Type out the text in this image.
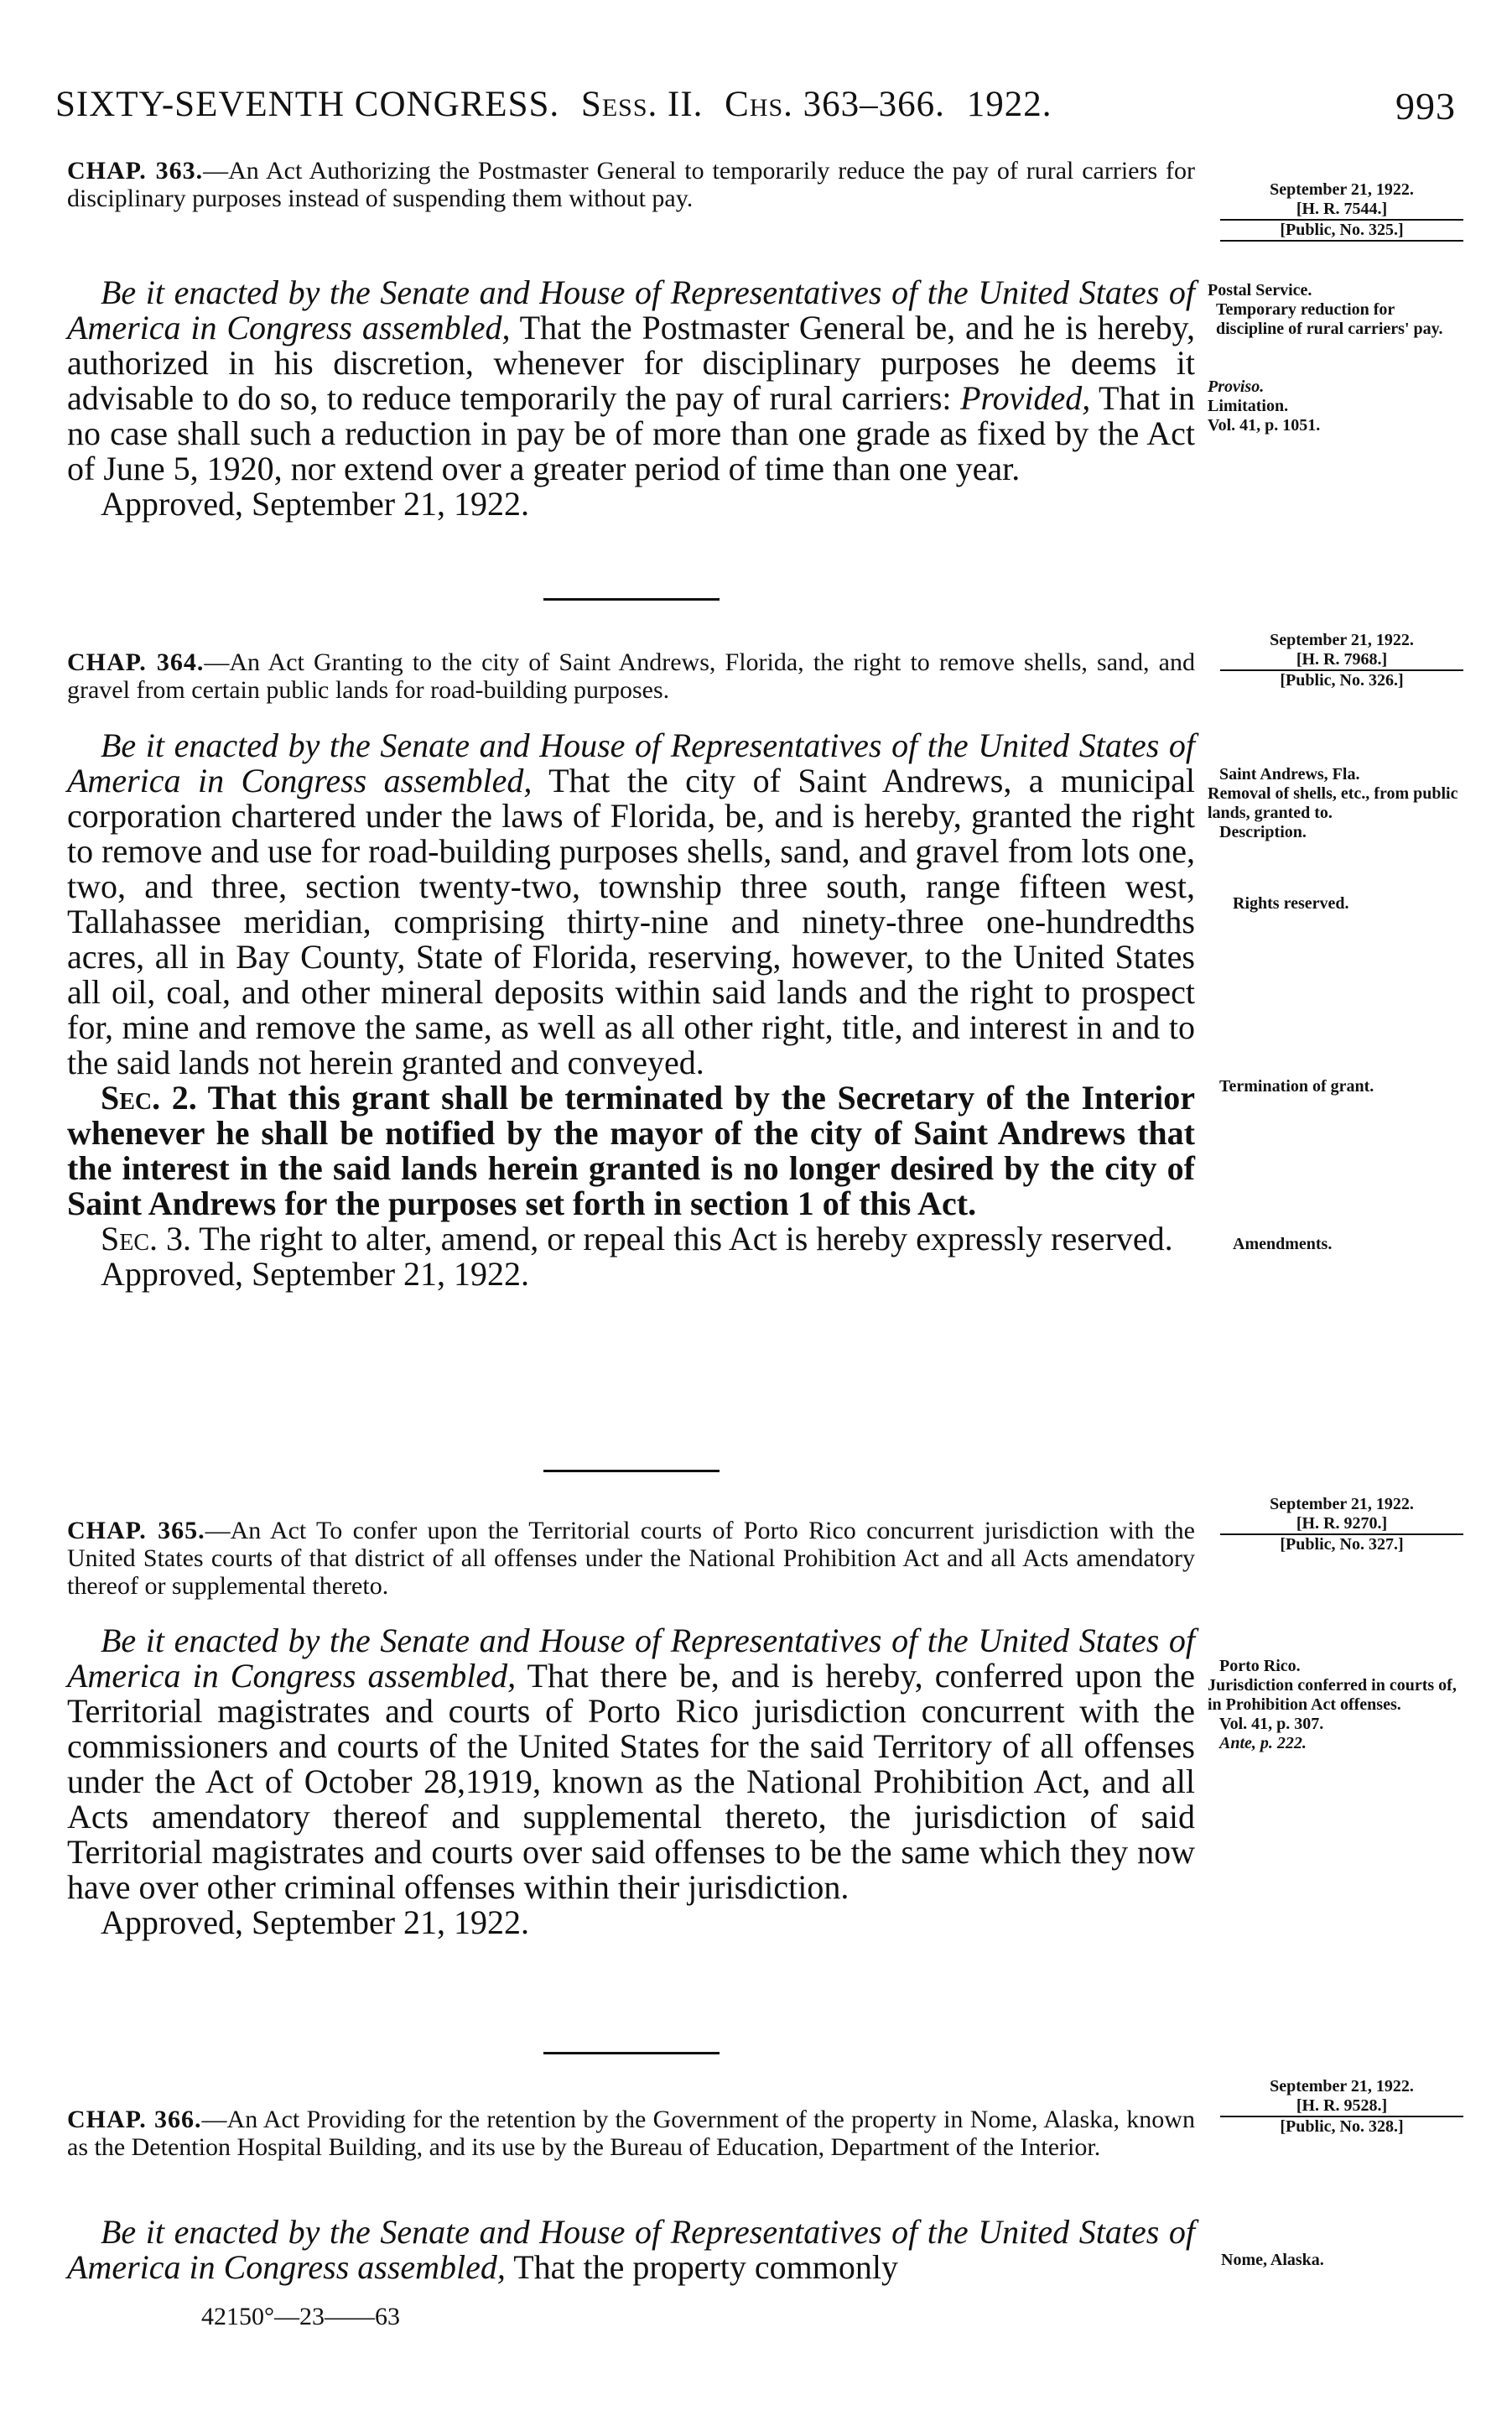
SIXTY-SEVENTH CONGRESS. Sess. II. Chs. 363–366. 1922.	993
September 21, 1922.
[H. R. 7544.]
[Public, No. 325.]
CHAP. 363.—An Act Authorizing the Postmaster General to temporarily reduce the pay of rural carriers for disciplinary purposes instead of suspending them without pay.

Be it enacted by the Senate and House of Representatives of the United States of America in Congress assembled, That the Postmaster General be, and he is hereby, authorized in his discretion, whenever for disciplinary purposes he deems it advisable to do so, to reduce temporarily the pay of rural carriers: Provided, That in no case shall such a reduction in pay be of more than one grade as fixed by the Act of June 5, 1920, nor extend over a greater period of time than one year.

Approved, September 21, 1922.
Postal Service.
Temporary reduction for discipline of rural carriers' pay.
Proviso.
Limitation.
Vol. 41, p. 1051.
September 21, 1922.
[H. R. 7968.]
[Public, No. 326.]
CHAP. 364.—An Act Granting to the city of Saint Andrews, Florida, the right to remove shells, sand, and gravel from certain public lands for road-building purposes.

Be it enacted by the Senate and House of Representatives of the United States of America in Congress assembled, That the city of Saint Andrews, a municipal corporation chartered under the laws of Florida, be, and is hereby, granted the right to remove and use for road-building purposes shells, sand, and gravel from lots one, two, and three, section twenty-two, township three south, range fifteen west, Tallahassee meridian, comprising thirty-nine and ninety-three one-hundredths acres, all in Bay County, State of Florida, reserving, however, to the United States all oil, coal, and other mineral deposits within said lands and the right to prospect for, mine and remove the same, as well as all other right, title, and interest in and to the said lands not herein granted and conveyed.

Sec. 2. That this grant shall be terminated by the Secretary of the Interior whenever he shall be notified by the mayor of the city of Saint Andrews that the interest in the said lands herein granted is no longer desired by the city of Saint Andrews for the purposes set forth in section 1 of this Act.

Sec. 3. The right to alter, amend, or repeal this Act is hereby expressly reserved.

Approved, September 21, 1922.
Saint Andrews, Fla.
Removal of shells, etc., from public lands, granted to.
Description.
Rights reserved.
Termination of grant.
Amendments.
September 21, 1922.
[H. R. 9270.]
[Public, No. 327.]
CHAP. 365.—An Act To confer upon the Territorial courts of Porto Rico concurrent jurisdiction with the United States courts of that district of all offenses under the National Prohibition Act and all Acts amendatory thereof or supplemental thereto.

Be it enacted by the Senate and House of Representatives of the United States of America in Congress assembled, That there be, and is hereby, conferred upon the Territorial magistrates and courts of Porto Rico jurisdiction concurrent with the commissioners and courts of the United States for the said Territory of all offenses under the Act of October 28,1919, known as the National Prohibition Act, and all Acts amendatory thereof and supplemental thereto, the jurisdiction of said Territorial magistrates and courts over said offenses to be the same which they now have over other criminal offenses within their jurisdiction.

Approved, September 21, 1922.
Porto Rico.
Jurisdiction conferred in courts of, in Prohibition Act offenses.
Vol. 41, p. 307.
Ante, p. 222.
September 21, 1922.
[H. R. 9528.]
[Public, No. 328.]
CHAP. 366.—An Act Providing for the retention by the Government of the property in Nome, Alaska, known as the Detention Hospital Building, and its use by the Bureau of Education, Department of the Interior.

Be it enacted by the Senate and House of Representatives of the United States of America in Congress assembled, That the property commonly	Nome, Alaska.
42150°—23——63
